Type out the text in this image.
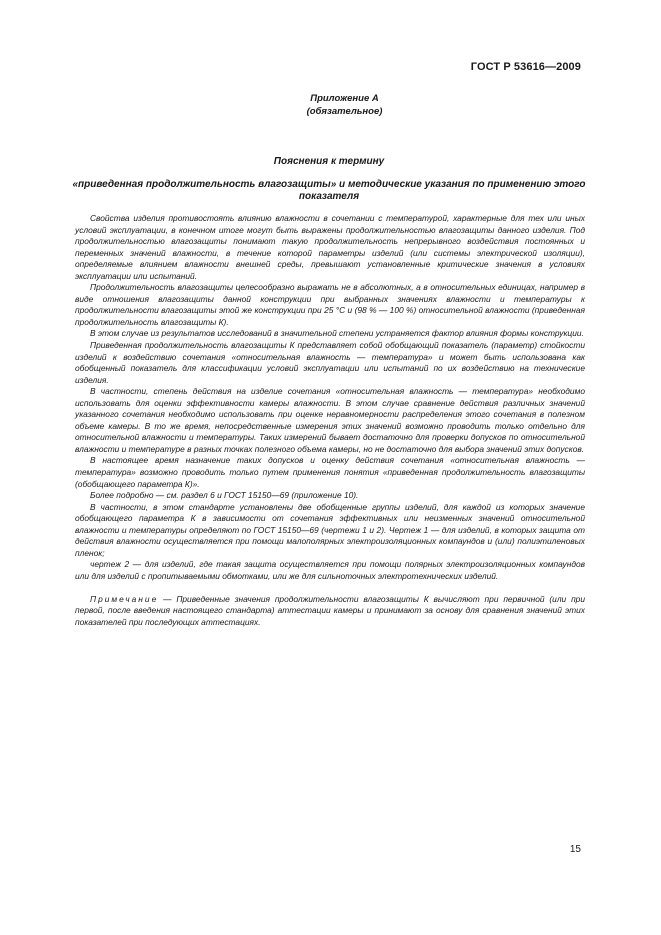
ГОСТ Р 53616—2009
Приложение А
(обязательное)
Пояснения к термину
«приведенная продолжительность влагозащиты» и методические указания по применению этого показателя

Свойства изделия противостоять влиянию влажности в сочетании с температурой, характерные для тех или иных условий эксплуатации, в конечном итоге могут быть выражены продолжительностью влагозащиты данного изделия. Под продолжительностью влагозащиты понимают такую продолжительность непрерывного воздействия постоянных и переменных значений влажности, в течение которой параметры изделий (или системы электрической изоляции), определяемые влиянием влажности внешней среды, превышают установленные критические значения в условиях эксплуатации или испытаний.

Продолжительность влагозащиты целесообразно выражать не в абсолютных, а в относительных единицах, например в виде отношения влагозащиты данной конструкции при выбранных значениях влажности и температуры к продолжительности влагозащиты этой же конструкции при 25 °С и (98 % — 100 %) относительной влажности (приведенная продолжительность влагозащиты К).

В этом случае из результатов исследований в значительной степени устраняется фактор влияния формы конструкции.

Приведенная продолжительность влагозащиты К представляет собой обобщающий показатель (параметр) стойкости изделий к воздействию сочетания «относительная влажность — температура» и может быть использована как обобщенный показатель для классификации условий эксплуатации или испытаний по их воздействию на технические изделия.

В частности, степень действия на изделие сочетания «относительная влажность — температура» необходимо использовать для оценки эффективности камеры влажности. В этом случае сравнение действия различных значений указанного сочетания необходимо использовать при оценке неравномерности распределения этого сочетания в полезном объеме камеры. В то же время, непосредственные измерения этих значений возможно проводить только отдельно для относительной влажности и температуры. Таких измерений бывает достаточно для проверки допусков по относительной влажности и температуре в разных точках полезного объема камеры, но не достаточно для выбора значений этих допусков.

В настоящее время назначение таких допусков и оценку действия сочетания «относительная влажность — температура» возможно проводить только путем применения понятия «приведенная продолжительность влагозащиты (обобщающего параметра К)».

Более подробно — см. раздел 6 и ГОСТ 15150—69 (приложение 10).

В частности, в этом стандарте установлены две обобщенные группы изделий, для каждой из которых значение обобщающего параметра К в зависимости от сочетания эффективных или неизменных значений относительной влажности и температуры определяют по ГОСТ 15150—69 (чертежи 1 и 2). Чертеж 1 — для изделий, в которых защита от действия влажности осуществляется при помощи малополярных электроизоляционных компаундов и (или) полиэтиленовых пленок;

чертеж 2 — для изделий, где такая защита осуществляется при помощи полярных электроизоляционных компаундов или для изделий с пропитываемыми обмотками, или же для сильноточных электротехнических изделий.

Примечание — Приведенные значения продолжительности влагозащиты К вычисляют при первичной (или при первой, после введения настоящего стандарта) аттестации камеры и принимают за основу для сравнения значений этих показателей при последующих аттестациях.

15
